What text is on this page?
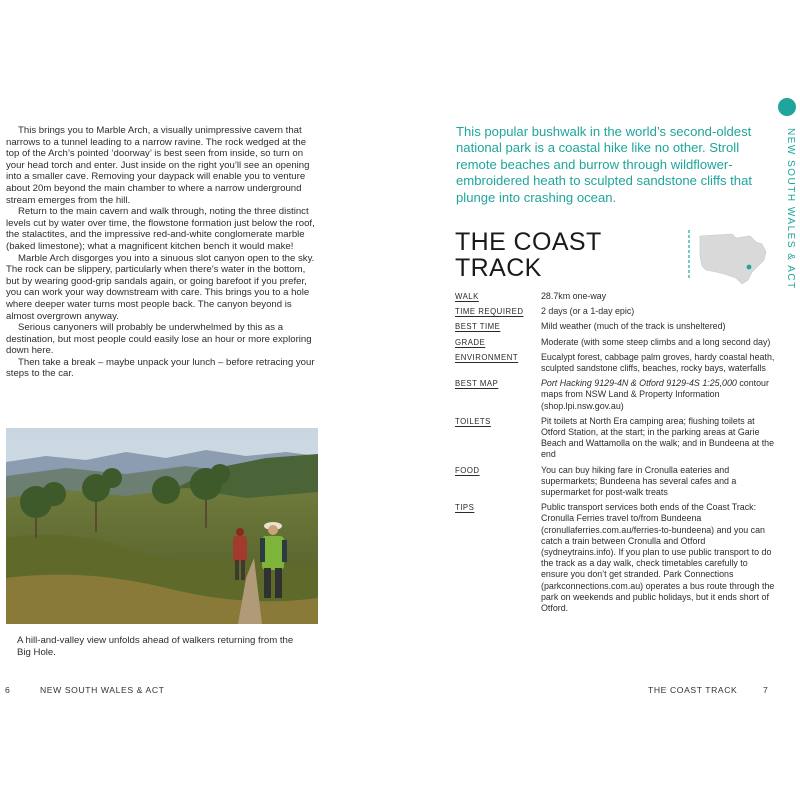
This brings you to Marble Arch, a visually unimpressive cavern that narrows to a tunnel leading to a narrow ravine. The rock wedged at the top of the Arch’s pointed ‘doorway’ is best seen from inside, so turn on your head torch and enter. Just inside on the right you’ll see an opening into a smaller cave. Removing your daypack will enable you to venture about 20m beyond the main chamber to where a narrow underground stream emerges from the hill.

Return to the main cavern and walk through, noting the three distinct levels cut by water over time, the flowstone formation just below the roof, the stalactites, and the impressive red-and-white conglomerate marble (baked limestone); what a magnificent kitchen bench it would make!

Marble Arch disgorges you into a sinuous slot canyon open to the sky. The rock can be slippery, particularly when there’s water in the bottom, but by wearing good-grip sandals again, or going barefoot if you prefer, you can work your way downstream with care. This brings you to a hole where deeper water turns most people back. The canyon beyond is almost overgrown anyway.

Serious canyoners will probably be underwhelmed by this as a destination, but most people could easily lose an hour or more exploring down here.

Then take a break – maybe unpack your lunch – before retracing your steps to the car.

A hill-and-valley view unfolds ahead of walkers returning from the Big Hole.
6	NEW SOUTH WALES & ACT
This popular bushwalk in the world’s second-oldest national park is a coastal hike like no other. Stroll remote beaches and burrow through wildflower-embroidered heath to sculpted sandstone cliffs that plunge into crashing ocean.
THE COAST
TRACK
WALK	28.7km one-way
TIME REQUIRED	2 days (or a 1-day epic)
BEST TIME	Mild weather (much of the track is unsheltered)
GRADE	Moderate (with some steep climbs and a long second day)
ENVIRONMENT	Eucalypt forest, cabbage palm groves, hardy coastal heath, sculpted sandstone cliffs, beaches, rocky bays, waterfalls
BEST MAP	Port Hacking 9129-4N & Otford 9129-4S 1:25,000 contour maps from NSW Land & Property Information (shop.lpi.nsw.gov.au)
TOILETS	Pit toilets at North Era camping area; flushing toilets at Otford Station, at the start; in the parking areas at Garie Beach and Wattamolla on the walk; and in Bundeena at the end
FOOD	You can buy hiking fare in Cronulla eateries and supermarkets; Bundeena has several cafes and a supermarket for post-walk treats
TIPS	Public transport services both ends of the Coast Track: Cronulla Ferries travel to/from Bundeena (cronullaferries.com.au/ferries-to-bundeena) and you can catch a train between Cronulla and Otford (sydneytrains.info). If you plan to use public transport to do the track as a day walk, check timetables carefully to ensure you don’t get stranded. Park Connections (parkconnections.com.au) operates a bus route through the park on weekends and public holidays, but it ends short of Otford.
NEW SOUTH WALES & ACT
THE COAST TRACK	7
